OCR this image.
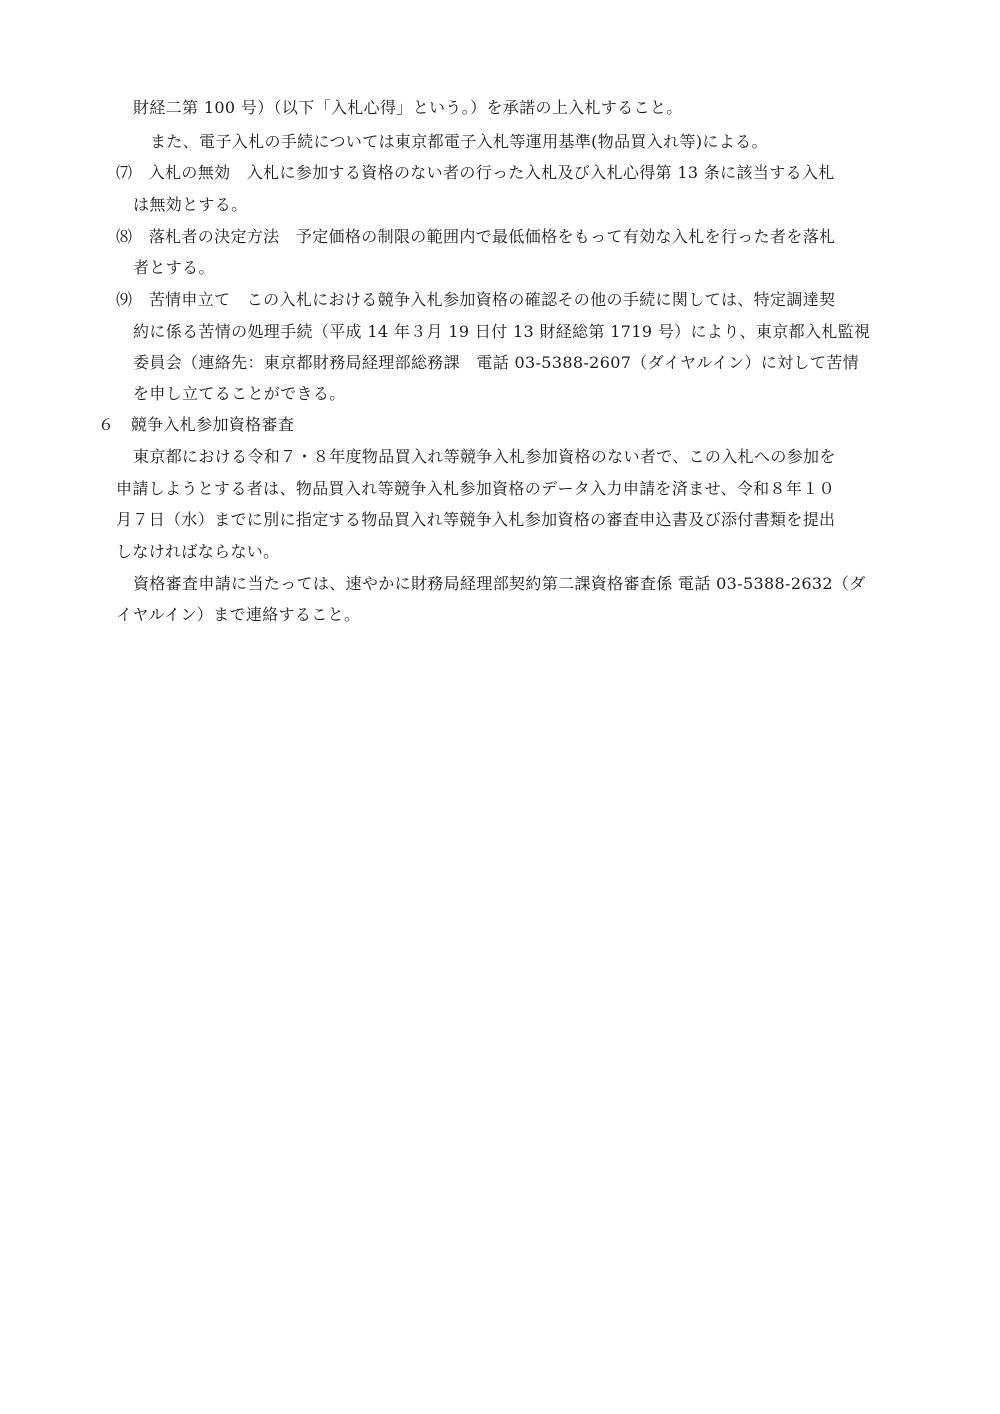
財経二第 100 号）（以下「入札心得」という。）を承諾の上入札すること。
また、電子入札の手続については東京都電子入札等運用基準(物品買入れ等)による。
⑺　入札の無効　入札に参加する資格のない者の行った入札及び入札心得第 13 条に該当する入札
は無効とする。
⑻　落札者の決定方法　予定価格の制限の範囲内で最低価格をもって有効な入札を行った者を落札
者とする。
⑼　苦情申立て　この入札における競争入札参加資格の確認その他の手続に関しては、特定調達契
約に係る苦情の処理手続（平成 14 年３月 19 日付 13 財経総第 1719 号）により、東京都入札監視
委員会（連絡先：東京都財務局経理部総務課　電話 03-5388-2607（ダイヤルイン）に対して苦情
を申し立てることができる。
６　競争入札参加資格審査
東京都における令和７・８年度物品買入れ等競争入札参加資格のない者で、この入札への参加を
申請しようとする者は、物品買入れ等競争入札参加資格のデータ入力申請を済ませ、令和８年１０
月７日（水）までに別に指定する物品買入れ等競争入札参加資格の審査申込書及び添付書類を提出
しなければならない。
資格審査申請に当たっては、速やかに財務局経理部契約第二課資格審査係 電話 03-5388-2632（ダ
イヤルイン）まで連絡すること。
